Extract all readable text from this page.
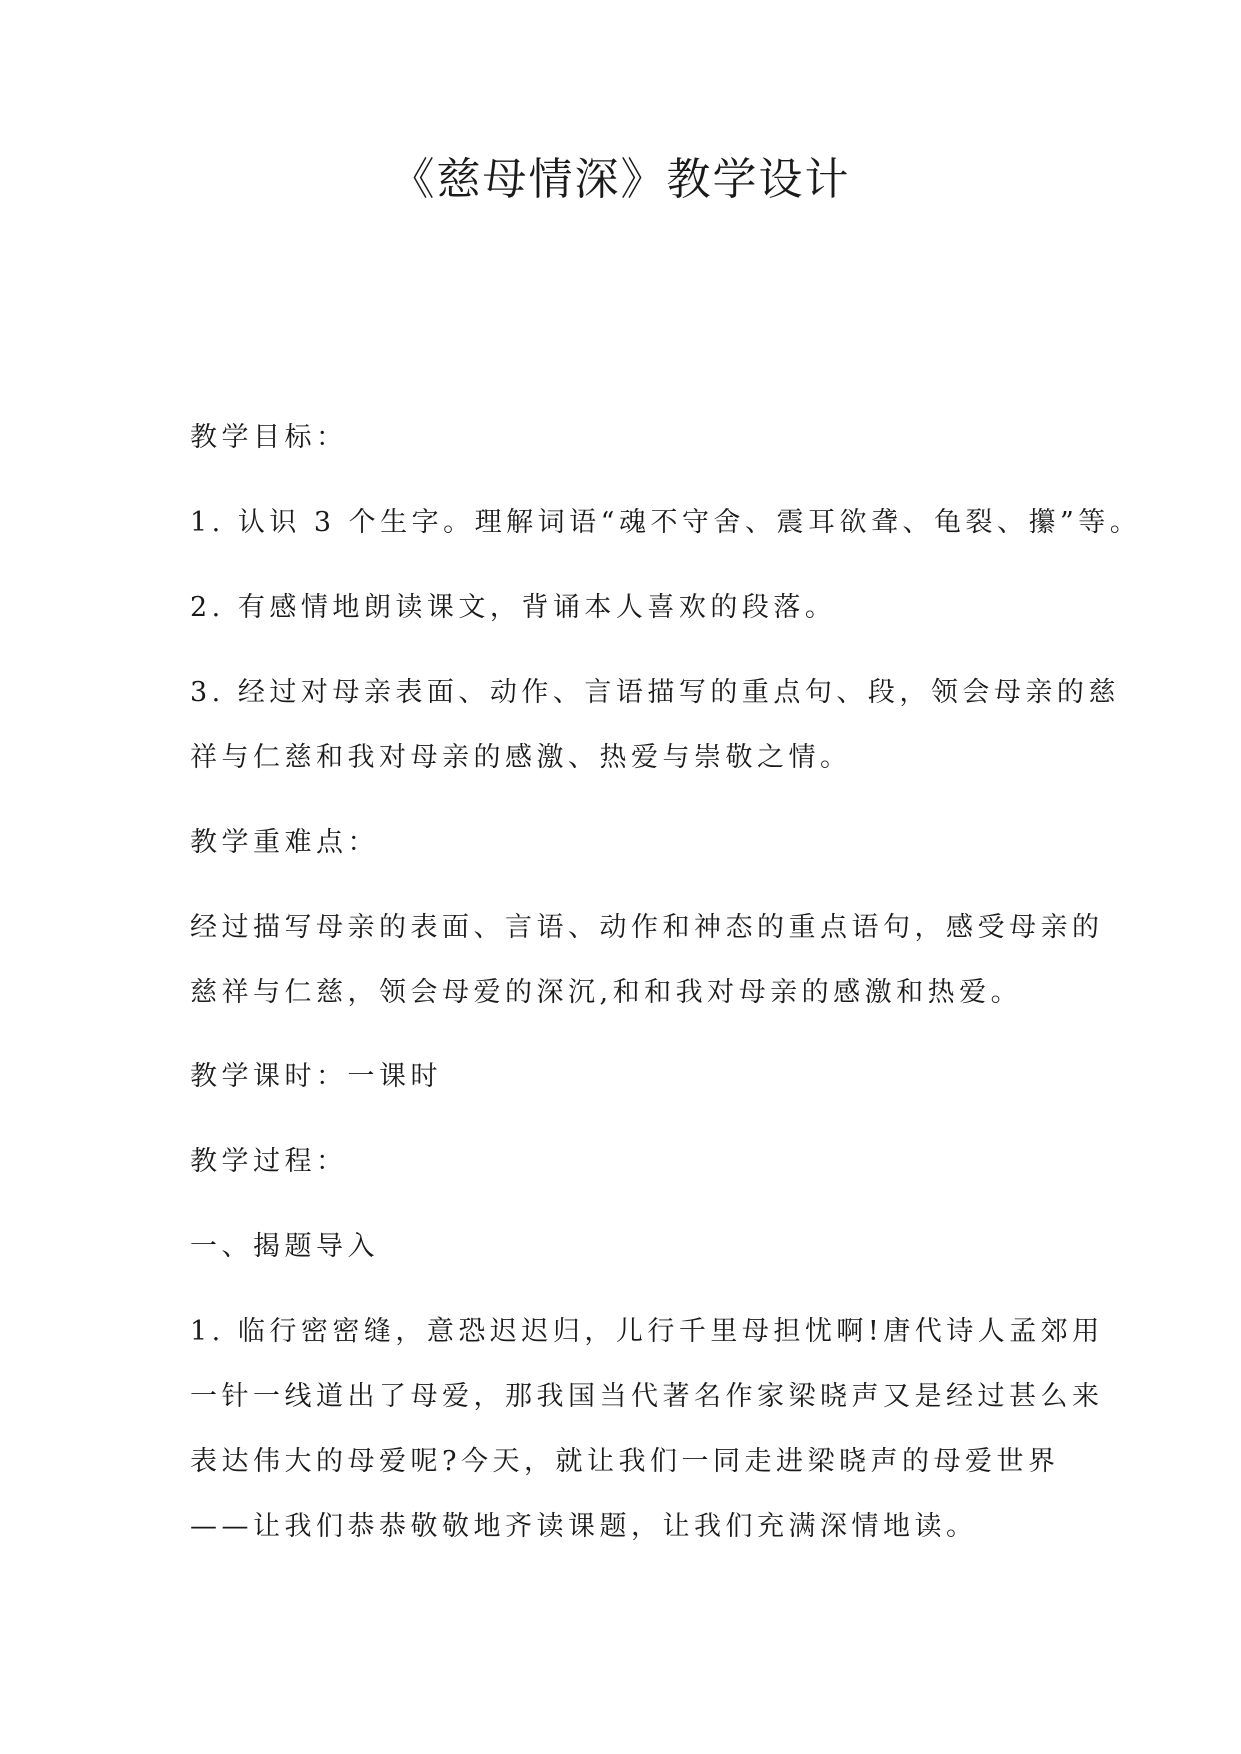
《慈母情深》教学设计

教学目标：

1. 认识 3 个生字。理解词语“魂不守舍、震耳欲聋、龟裂、攥”等。

2. 有感情地朗读课文，背诵本人喜欢的段落。

3. 经过对母亲表面、动作、言语描写的重点句、段，领会母亲的慈

祥与仁慈和我对母亲的感激、热爱与崇敬之情。

教学重难点：

经过描写母亲的表面、言语、动作和神态的重点语句，感受母亲的

慈祥与仁慈，领会母爱的深沉,和和我对母亲的感激和热爱。

教学课时：一课时

教学过程：

一、揭题导入

1. 临行密密缝，意恐迟迟归，儿行千里母担忧啊!唐代诗人孟郊用

一针一线道出了母爱，那我国当代著名作家梁晓声又是经过甚么来

表达伟大的母爱呢?今天，就让我们一同走进梁晓声的母爱世界

——让我们恭恭敬敬地齐读课题，让我们充满深情地读。
